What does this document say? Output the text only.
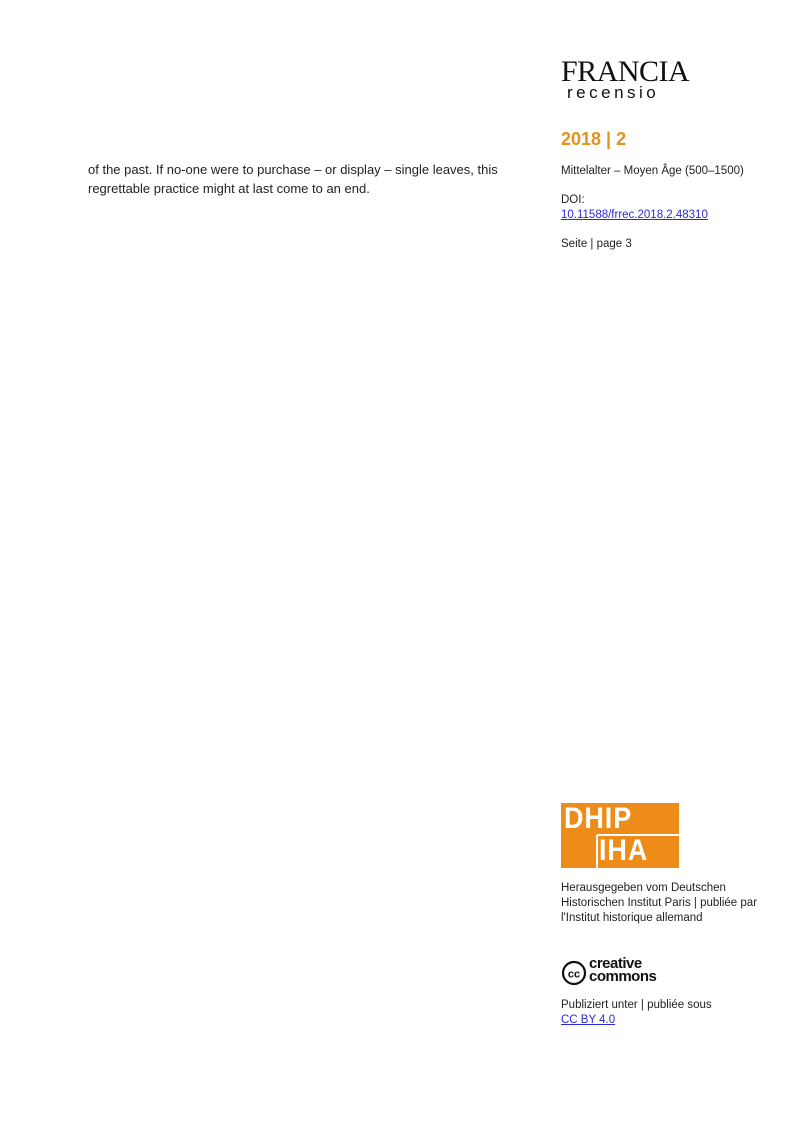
of the past. If no-one were to purchase – or display – single leaves, this

regrettable practice might at last come to an end.

FRANCIA
recensio
2018 | 2
Mittelalter – Moyen Âge (500–1500)
DOI:
10.11588/frrec.2018.2.48310
Seite | page 3
DHIP
IHA
Herausgegeben vom Deutschen Historischen Institut Paris | publiée par l'Institut historique allemand
cc
creative
commons
Publiziert unter | publiée sous
CC BY 4.0
